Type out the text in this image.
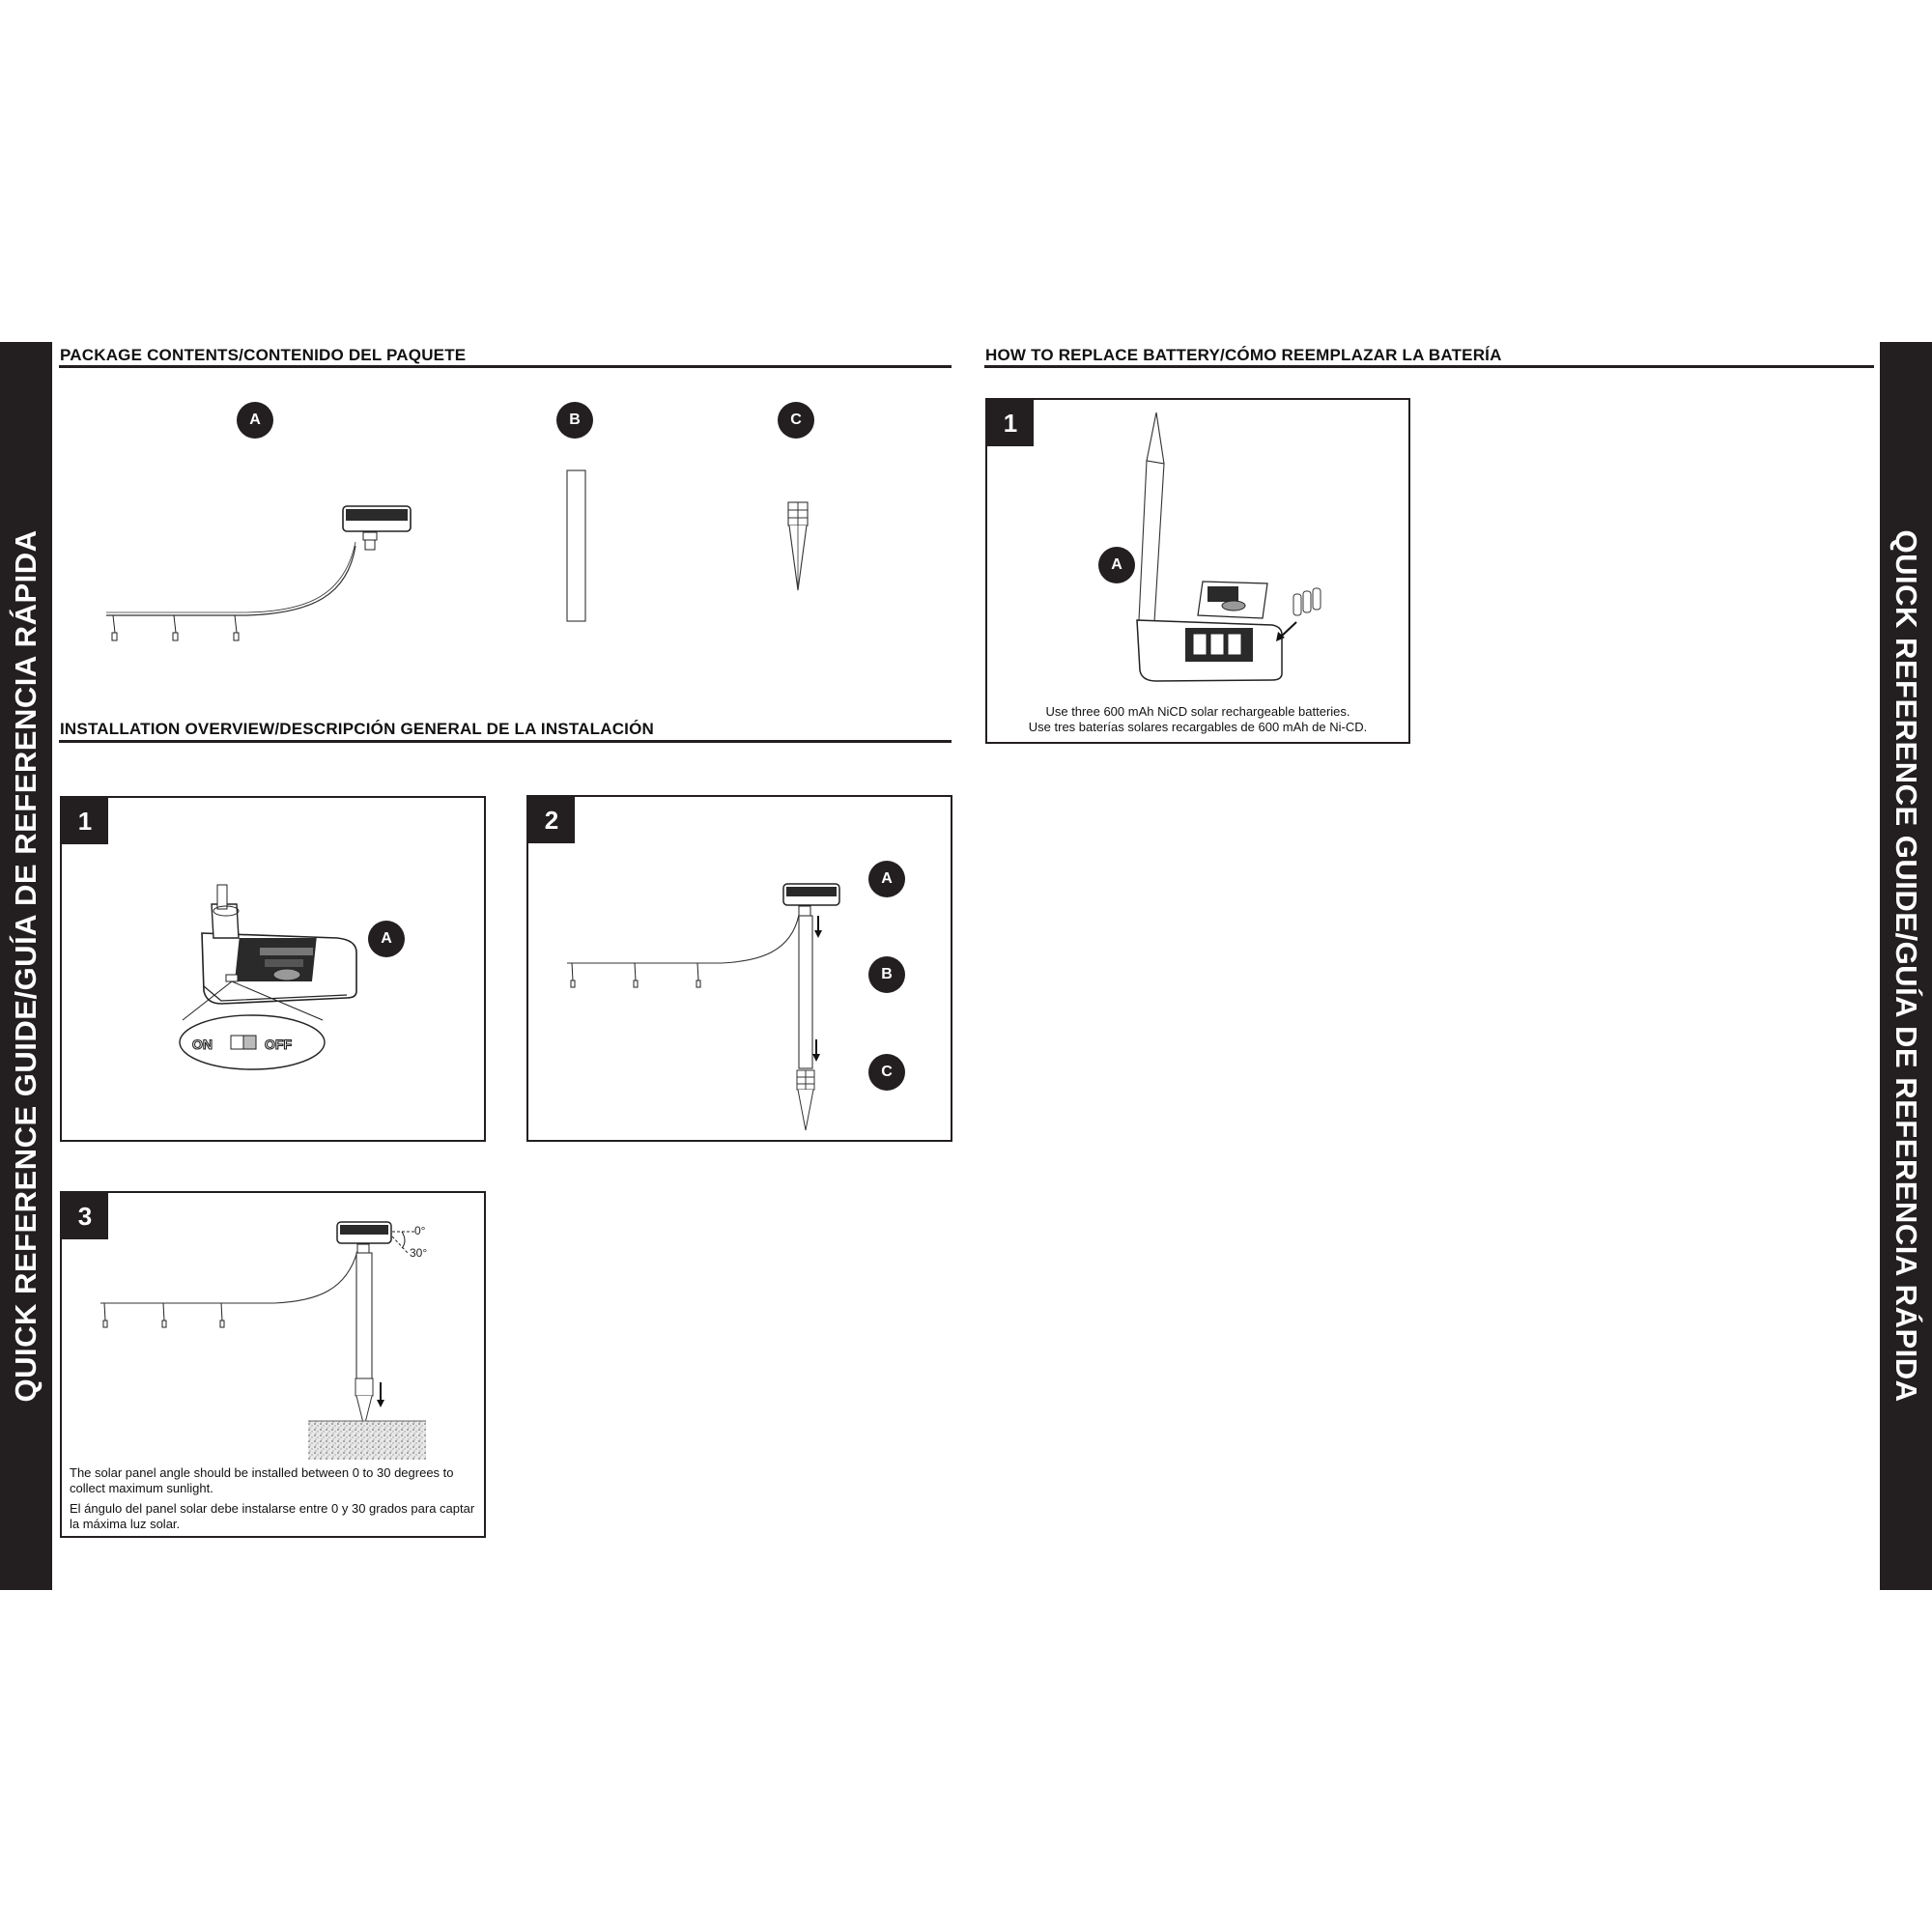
QUICK REFERENCE GUIDE/GUÍA DE REFERENCIA RÁPIDA	QUICK REFERENCE GUIDE/GUÍA DE REFERENCIA RÁPIDA
PACKAGE CONTENTS/CONTENIDO DEL PAQUETE
A	B	C
INSTALLATION OVERVIEW/DESCRIPCIÓN GENERAL DE LA INSTALACIÓN
1
ON	OFF
A
2
A
B
C
3
0°
30°

The solar panel angle should be installed between 0 to 30 degrees to collect maximum sunlight.

El ángulo del panel solar debe instalarse entre 0 y 30 grados para captar la máxima luz solar.

HOW TO REPLACE BATTERY/CÓMO REEMPLAZAR LA BATERÍA
1
A

Use three 600 mAh NiCD solar rechargeable batteries.

Use tres baterías solares recargables de 600 mAh de Ni-CD.
